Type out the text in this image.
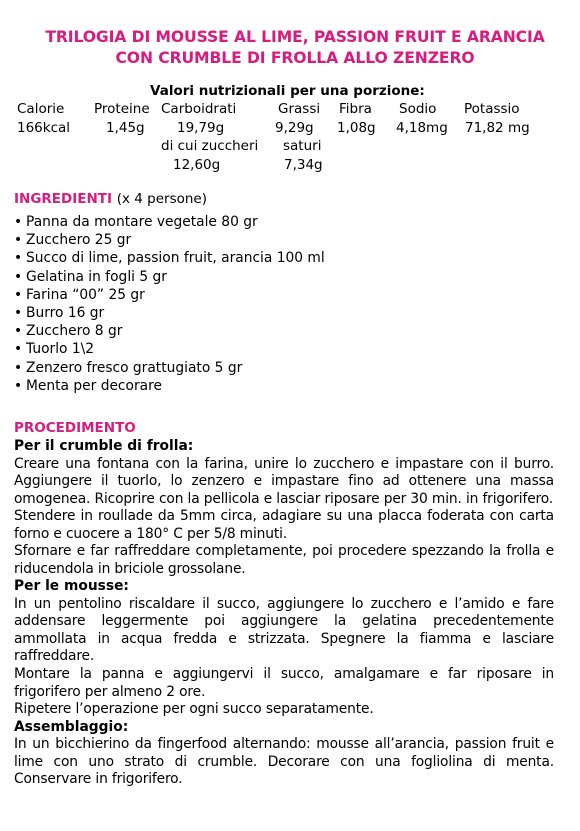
TRILOGIA DI MOUSSE AL LIME, PASSION FRUIT E ARANCIA
CON CRUMBLE DI FROLLA ALLO ZENZERO
Valori nutrizionali per una porzione:
Calorie
166kcal
Proteine
1,45g
Carboidrati
19,79g
di cui zuccheri
12,60g
Grassi
9,29g
saturi
7,34g
Fibra
1,08g
Sodio
4,18mg
Potassio
71,82 mg
INGREDIENTI (x 4 persone)
• Panna da montare vegetale 80 gr
• Zucchero 25 gr
• Succo di lime, passion fruit, arancia 100 ml
• Gelatina in fogli 5 gr
• Farina “00” 25 gr
• Burro 16 gr
• Zucchero 8 gr
• Tuorlo 1\2
• Zenzero fresco grattugiato 5 gr
• Menta per decorare
PROCEDIMENTO
Per il crumble di frolla:

Creare una fontana con la farina, unire lo zucchero e impastare con il burro. Aggiungere il tuorlo, lo zenzero e impastare fino ad ottenere una massa omogenea. Ricoprire con la pellicola e lasciar riposare per 30 min. in frigorifero.

Stendere in roullade da 5mm circa, adagiare su una placca foderata con carta forno e cuocere a 180° C per 5/8 minuti.

Sfornare e far raffreddare completamente, poi procedere spezzando la frolla e riducendola in briciole grossolane.

Per le mousse:

In un pentolino riscaldare il succo, aggiungere lo zucchero e l’amido e fare addensare leggermente poi aggiungere la gelatina precedentemente ammollata in acqua fredda e strizzata. Spegnere la fiamma e lasciare raffreddare.

Montare la panna e aggiungervi il succo, amalgamare e far riposare in frigorifero per almeno 2 ore.

Ripetere l’operazione per ogni succo separatamente.

Assemblaggio:

In un bicchierino da fingerfood alternando: mousse all’arancia, passion fruit e lime con uno strato di crumble. Decorare con una fogliolina di menta. Conservare in frigorifero.
